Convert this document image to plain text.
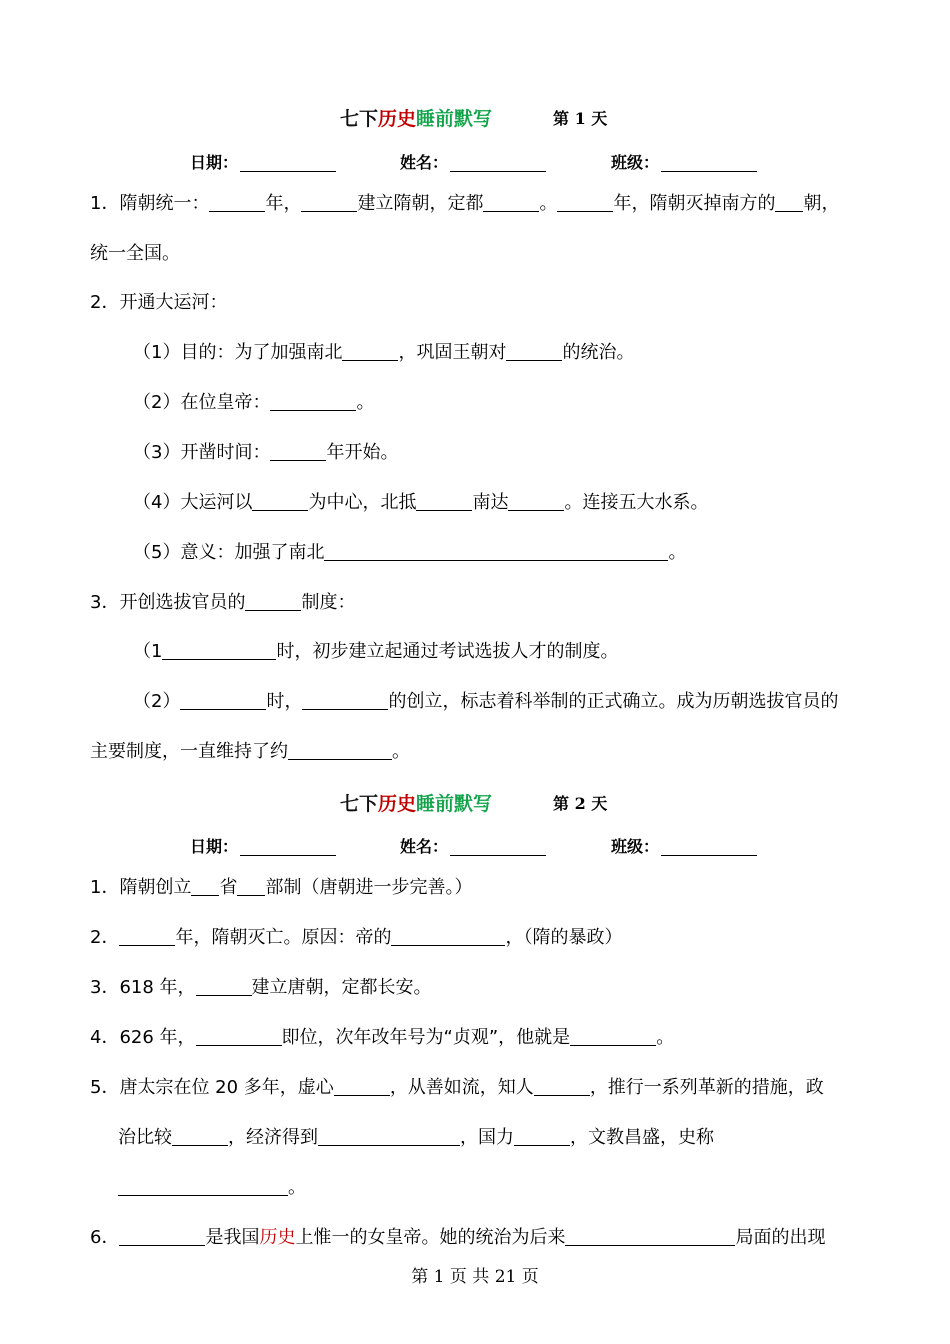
七下历史睡前默写	第 1 天
日期：	姓名：	班级：
1．隋朝统一：	年，	建立隋朝，定都	。	年，隋朝灭掉南方的 朝，
统一全国。
2．开通大运河：
（1）目的：为了加强南北	，巩固王朝对	的统治。
（2）在位皇帝：	。
（3）开凿时间：	年开始。
（4）大运河以	为中心，北抵	南达	。连接五大水系。
（5）意义：加强了南北	。
3．开创选拔官员的	制度：
（1	时，初步建立起通过考试选拔人才的制度。
（2）	时，	的创立，标志着科举制的正式确立。成为历朝选拔官员的
主要制度，一直维持了约	。
七下历史睡前默写	第 2 天
日期：	姓名：	班级：
1．隋朝创立 省 部制（唐朝进一步完善。）
2．	年，隋朝灭亡。原因：帝的	，（隋的暴政）
3．618 年，	建立唐朝，定都长安。
4．626 年，	即位，次年改年号为“贞观”，他就是	。
5．唐太宗在位 20 多年，虚心	，从善如流，知人	，推行一系列革新的措施，政
治比较	，经济得到	，国力	，文教昌盛，史称
。
6．	是我国历史上惟一的女皇帝。她的统治为后来	局面的出现
第 1 页 共 21 页
